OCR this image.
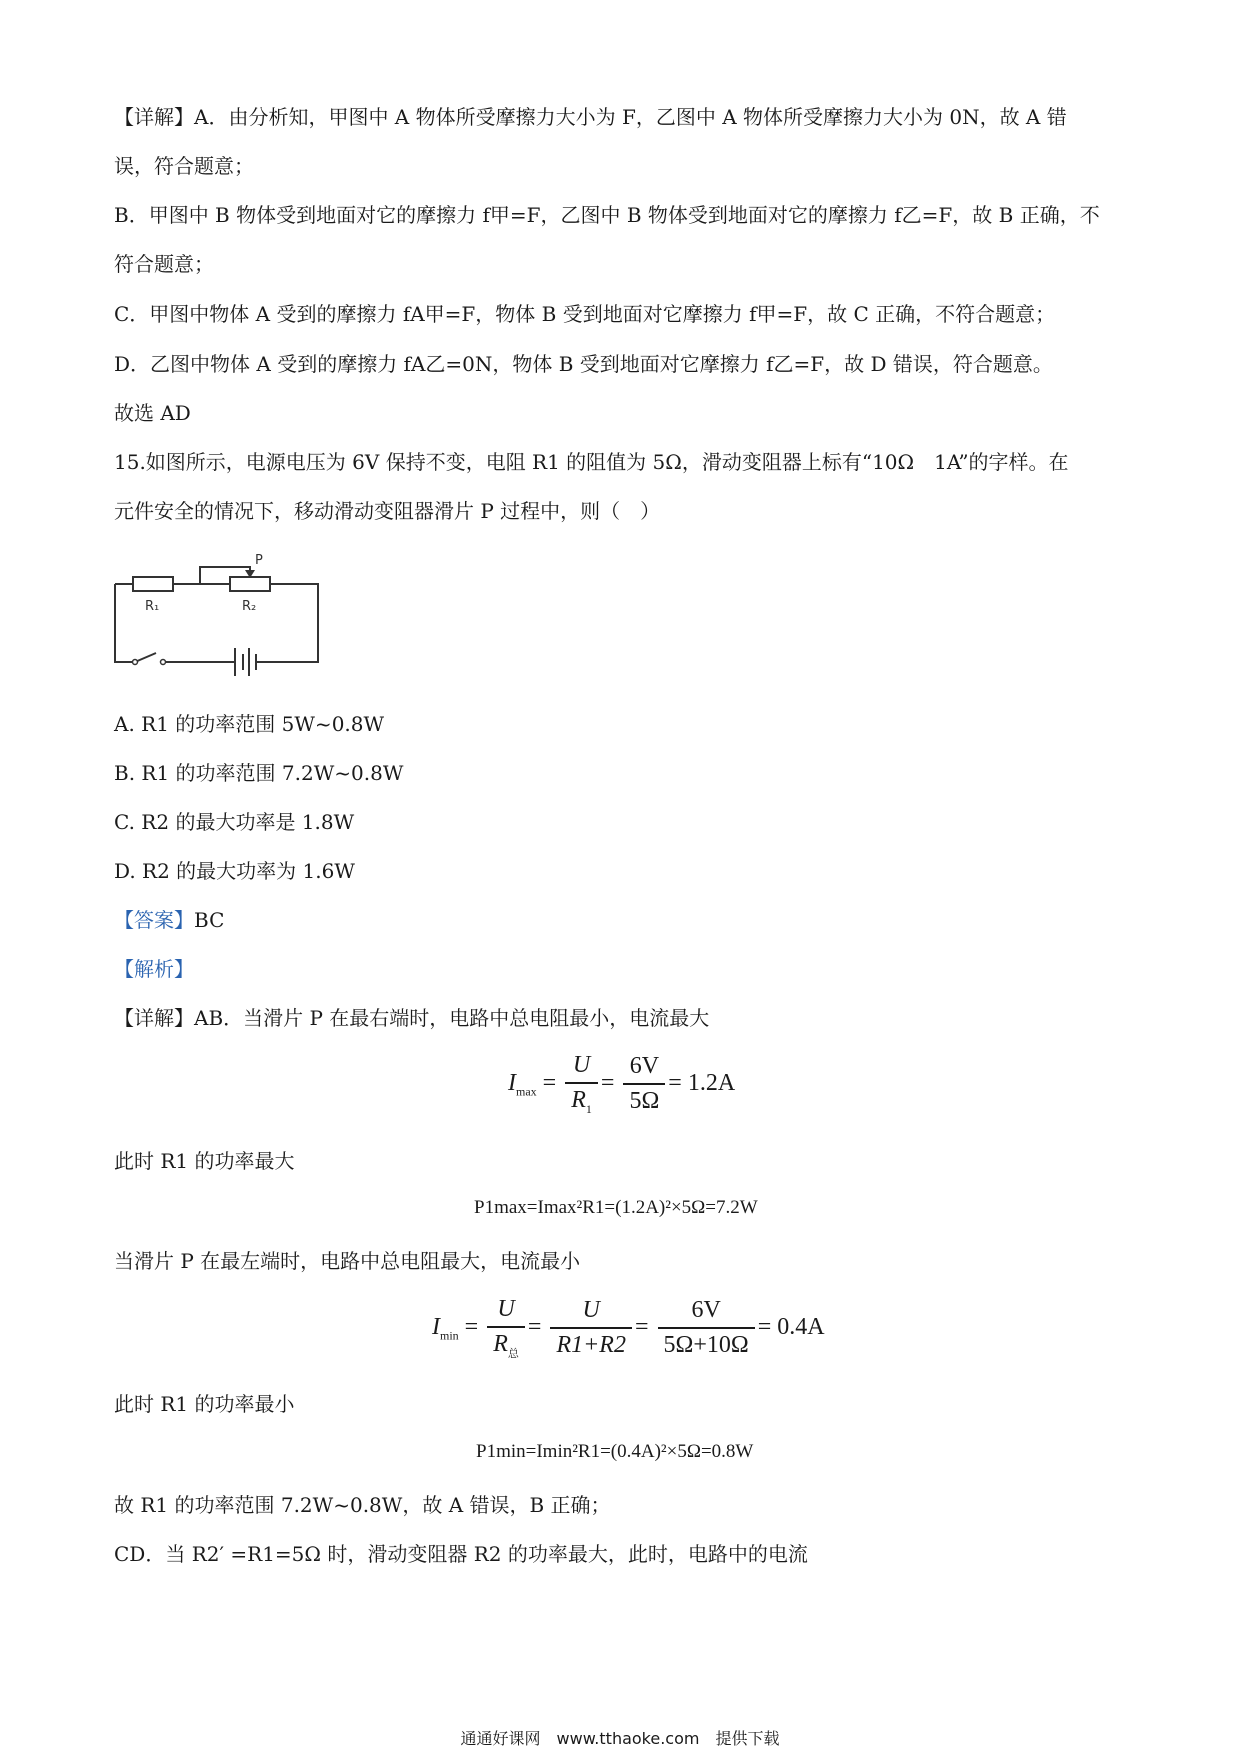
【详解】A．由分析知，甲图中 A 物体所受摩擦力大小为 F，乙图中 A 物体所受摩擦力大小为 0N，故 A 错
误，符合题意；
B．甲图中 B 物体受到地面对它的摩擦力 f甲=F，乙图中 B 物体受到地面对它的摩擦力 f乙=F，故 B 正确，不
符合题意；
C．甲图中物体 A 受到的摩擦力 fA甲=F，物体 B 受到地面对它摩擦力 f甲=F，故 C 正确，不符合题意；
D．乙图中物体 A 受到的摩擦力 fA乙=0N，物体 B 受到地面对它摩擦力 f乙=F，故 D 错误，符合题意。
故选 AD
15.如图所示，电源电压为 6V 保持不变，电阻 R1 的阻值为 5Ω，滑动变阻器上标有“10Ω　1A”的字样。在
元件安全的情况下，移动滑动变阻器滑片 P 过程中，则（　）
P
R₁	R₂
A. R1 的功率范围 5W~0.8W
B. R1 的功率范围 7.2W~0.8W
C. R2 的最大功率是 1.8W
D. R2 的最大功率为 1.6W
【答案】BC
【解析】
【详解】AB．当滑片 P 在最右端时，电路中总电阻最小，电流最大
$I_{max} = \frac{U}{R_1} = \frac{6V}{5\Omega} = 1.2A$
此时 R1 的功率最大
P1max=Imax²R1=(1.2A)²×5Ω=7.2W
当滑片 P 在最左端时，电路中总电阻最大，电流最小
$I_{min} = \frac{U}{R_总} = \frac{U}{R1+R2} = \frac{6V}{5\Omega+10\Omega} = 0.4A$
此时 R1 的功率最小
P1min=Imin²R1=(0.4A)²×5Ω=0.8W
故 R1 的功率范围 7.2W~0.8W，故 A 错误，B 正确；
CD．当 R2′ =R1=5Ω 时，滑动变阻器 R2 的功率最大，此时，电路中的电流
通通好课网　www.tthaoke.com　提供下载
